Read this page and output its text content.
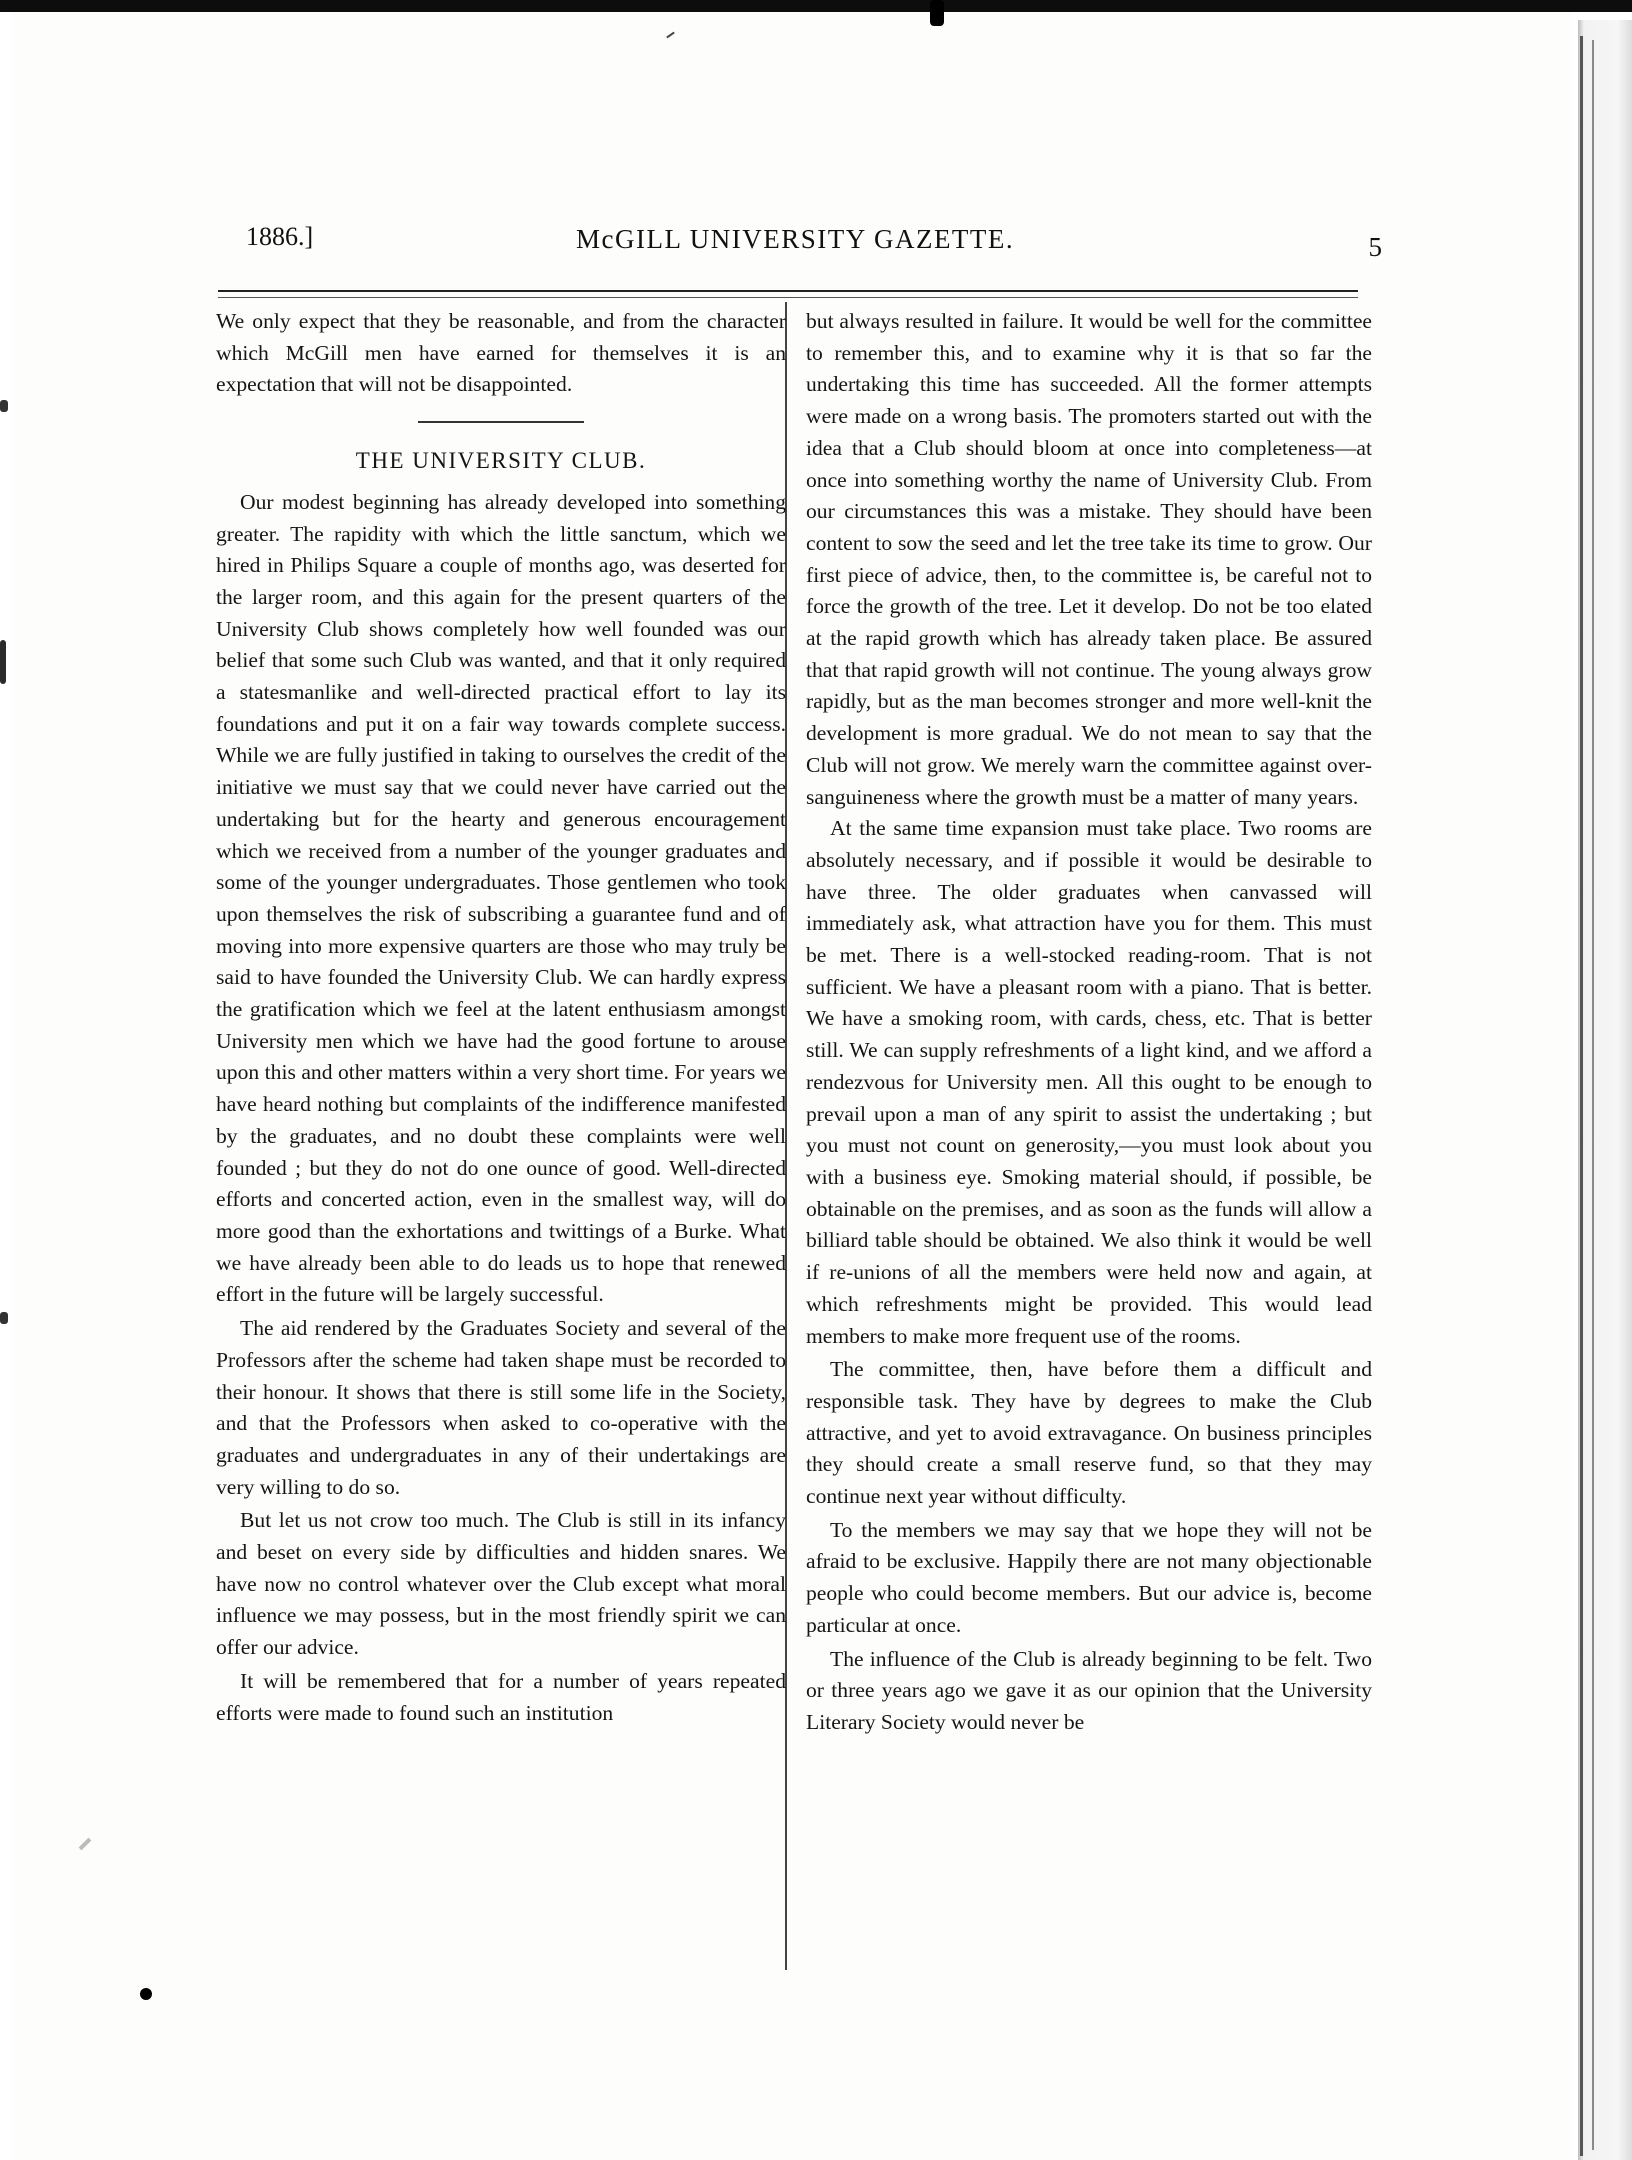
1886.]	McGILL UNIVERSITY GAZETTE.	5

We only expect that they be reasonable, and from the character which McGill men have earned for themselves it is an expectation that will not be disappointed.

THE UNIVERSITY CLUB.

Our modest beginning has already developed into something greater. The rapidity with which the little sanctum, which we hired in Philips Square a couple of months ago, was deserted for the larger room, and this again for the present quarters of the University Club shows completely how well founded was our belief that some such Club was wanted, and that it only required a statesmanlike and well-directed practical effort to lay its foundations and put it on a fair way towards complete success. While we are fully justified in taking to ourselves the credit of the initiative we must say that we could never have carried out the undertaking but for the hearty and generous encouragement which we received from a number of the younger graduates and some of the younger undergraduates. Those gentlemen who took upon themselves the risk of subscribing a guarantee fund and of moving into more expensive quarters are those who may truly be said to have founded the University Club. We can hardly express the gratification which we feel at the latent enthusiasm amongst University men which we have had the good fortune to arouse upon this and other matters within a very short time. For years we have heard nothing but complaints of the indifference manifested by the graduates, and no doubt these complaints were well founded ; but they do not do one ounce of good. Well-directed efforts and concerted action, even in the smallest way, will do more good than the exhortations and twittings of a Burke. What we have already been able to do leads us to hope that renewed effort in the future will be largely successful.

The aid rendered by the Graduates Society and several of the Professors after the scheme had taken shape must be recorded to their honour. It shows that there is still some life in the Society, and that the Professors when asked to co-operative with the graduates and undergraduates in any of their undertakings are very willing to do so.

But let us not crow too much. The Club is still in its infancy and beset on every side by difficulties and hidden snares. We have now no control whatever over the Club except what moral influence we may possess, but in the most friendly spirit we can offer our advice.

It will be remembered that for a number of years repeated efforts were made to found such an institution

but always resulted in failure. It would be well for the committee to remember this, and to examine why it is that so far the undertaking this time has succeeded. All the former attempts were made on a wrong basis. The promoters started out with the idea that a Club should bloom at once into completeness—at once into something worthy the name of University Club. From our circumstances this was a mistake. They should have been content to sow the seed and let the tree take its time to grow. Our first piece of advice, then, to the committee is, be careful not to force the growth of the tree. Let it develop. Do not be too elated at the rapid growth which has already taken place. Be assured that that rapid growth will not continue. The young always grow rapidly, but as the man becomes stronger and more well-knit the development is more gradual. We do not mean to say that the Club will not grow. We merely warn the committee against over-sanguineness where the growth must be a matter of many years.

At the same time expansion must take place. Two rooms are absolutely necessary, and if possible it would be desirable to have three. The older graduates when canvassed will immediately ask, what attraction have you for them. This must be met. There is a well-stocked reading-room. That is not sufficient. We have a pleasant room with a piano. That is better. We have a smoking room, with cards, chess, etc. That is better still. We can supply refreshments of a light kind, and we afford a rendezvous for University men. All this ought to be enough to prevail upon a man of any spirit to assist the undertaking ; but you must not count on generosity,—you must look about you with a business eye. Smoking material should, if possible, be obtainable on the premises, and as soon as the funds will allow a billiard table should be obtained. We also think it would be well if re-unions of all the members were held now and again, at which refreshments might be provided. This would lead members to make more frequent use of the rooms.

The committee, then, have before them a difficult and responsible task. They have by degrees to make the Club attractive, and yet to avoid extravagance. On business principles they should create a small reserve fund, so that they may continue next year without difficulty.

To the members we may say that we hope they will not be afraid to be exclusive. Happily there are not many objectionable people who could become members. But our advice is, become particular at once.

The influence of the Club is already beginning to be felt. Two or three years ago we gave it as our opinion that the University Literary Society would never be
